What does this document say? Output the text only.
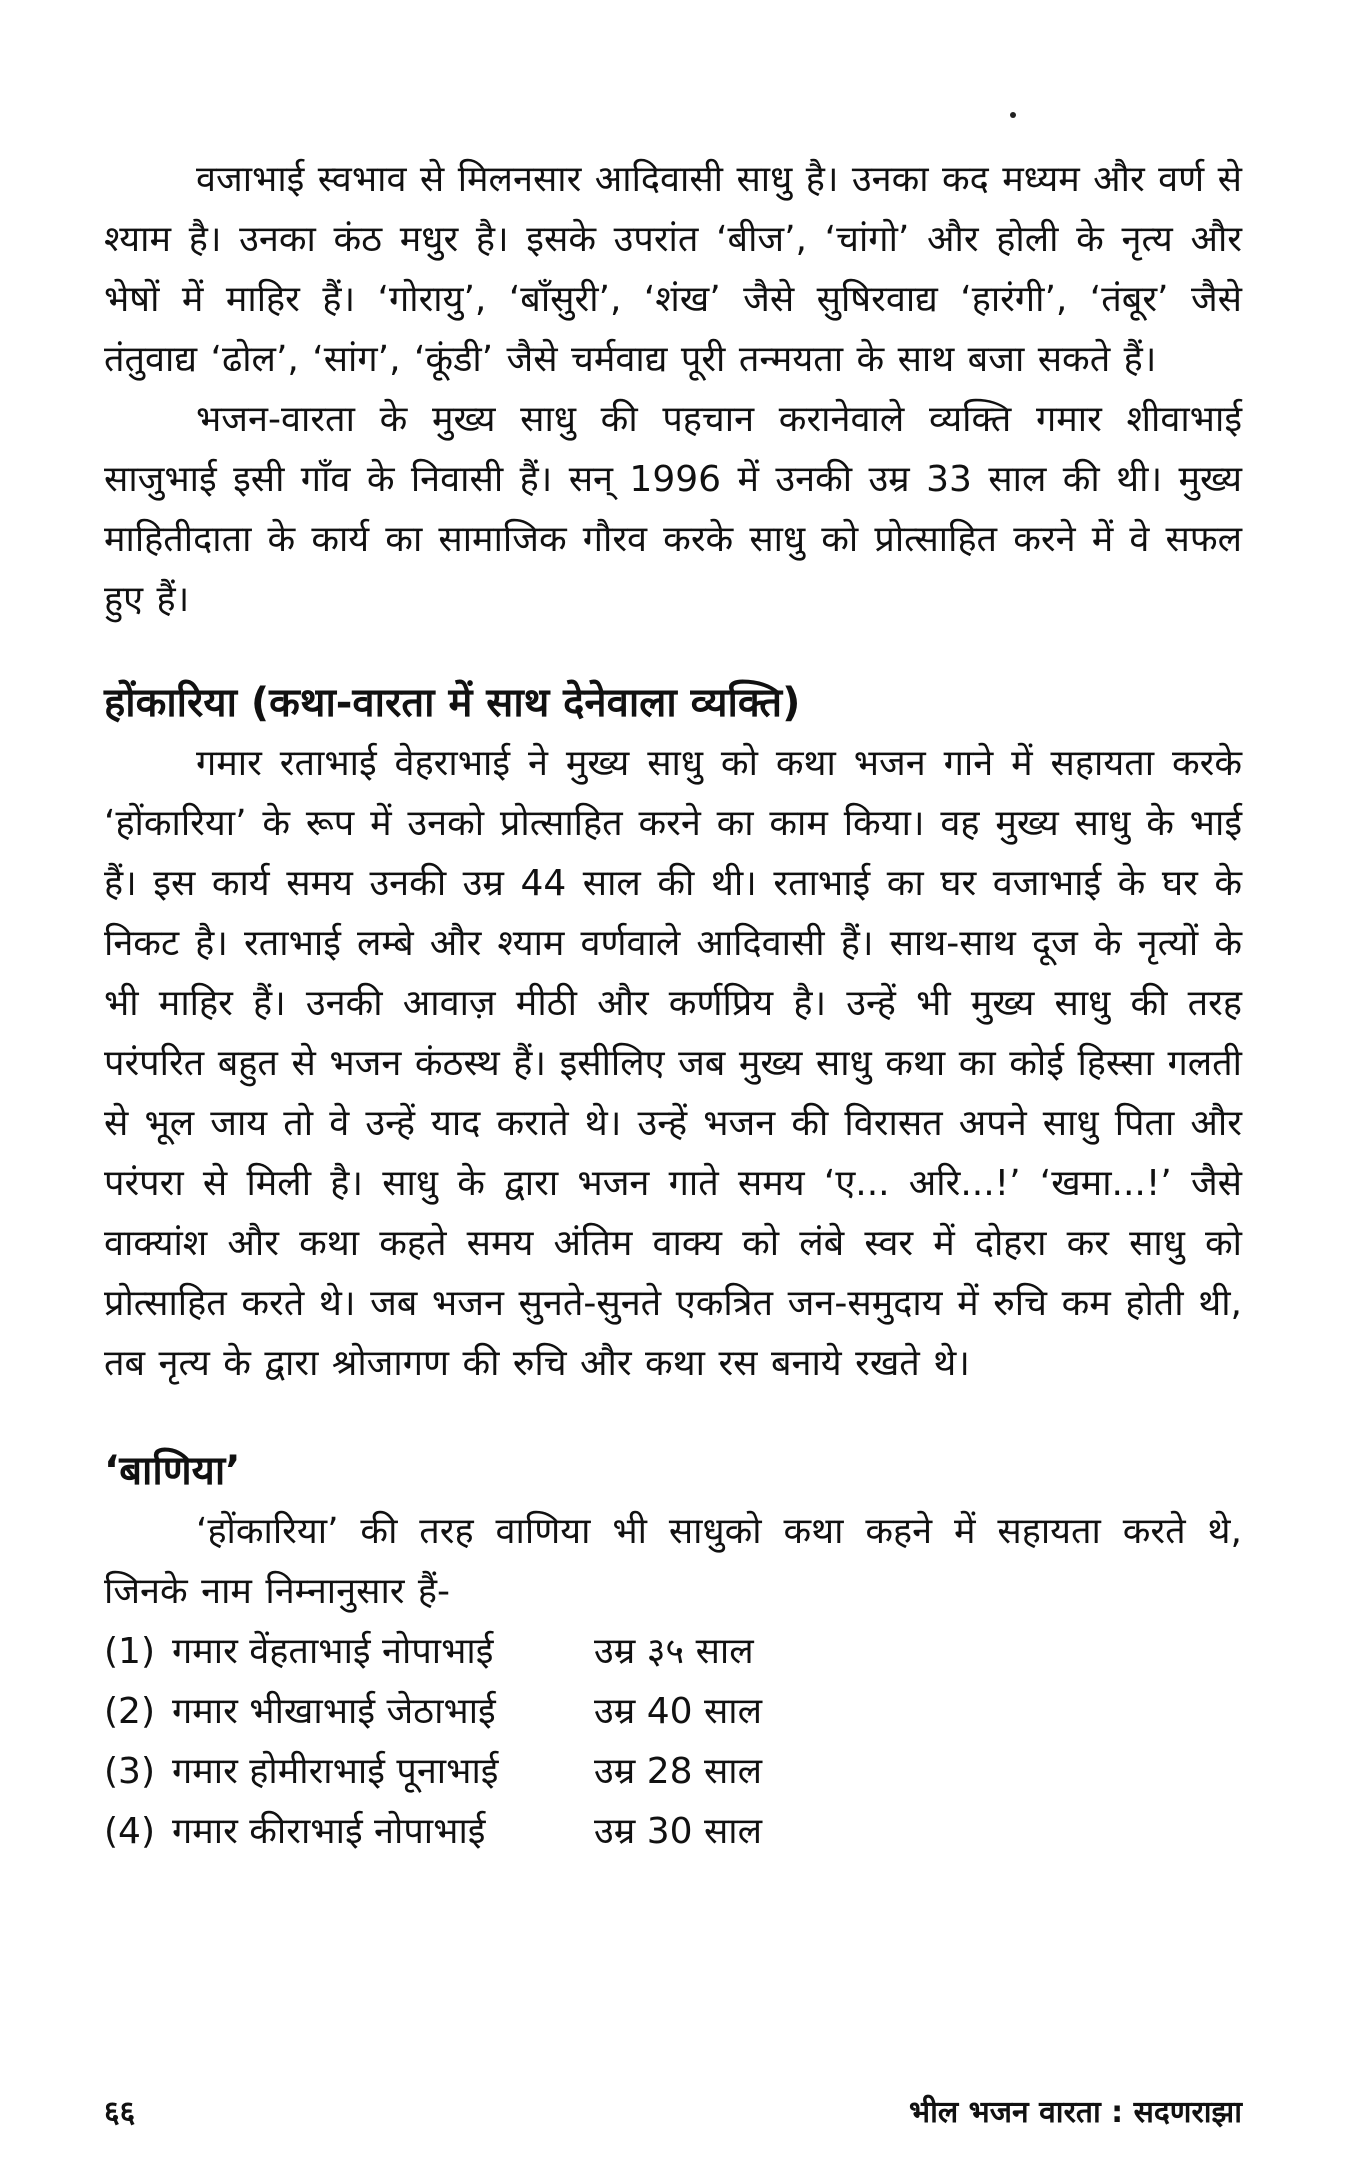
वजाभाई स्वभाव से मिलनसार आदिवासी साधु है। उनका कद मध्यम और वर्ण से श्याम है। उनका कंठ मधुर है। इसके उपरांत ‘बीज’, ‘चांगो’ और होली के नृत्य और भेषों में माहिर हैं। ‘गोरायु’, ‘बाँसुरी’, ‘शंख’ जैसे सुषिरवाद्य ‘हारंगी’, ‘तंबूर’ जैसे तंतुवाद्य ‘ढोल’, ‘सांग’, ‘कूंडी’ जैसे चर्मवाद्य पूरी तन्मयता के साथ बजा सकते हैं।

भजन-वारता के मुख्य साधु की पहचान करानेवाले व्यक्ति गमार शीवाभाई साजुभाई इसी गाँव के निवासी हैं। सन् 1996 में उनकी उम्र 33 साल की थी। मुख्य माहितीदाता के कार्य का सामाजिक गौरव करके साधु को प्रोत्साहित करने में वे सफल हुए हैं।

होंकारिया (कथा-वारता में साथ देनेवाला व्यक्ति)

गमार रताभाई वेहराभाई ने मुख्य साधु को कथा भजन गाने में सहायता करके ‘होंकारिया’ के रूप में उनको प्रोत्साहित करने का काम किया। वह मुख्य साधु के भाई हैं। इस कार्य समय उनकी उम्र 44 साल की थी। रताभाई का घर वजाभाई के घर के निकट है। रताभाई लम्बे और श्याम वर्णवाले आदिवासी हैं। साथ-साथ दूज के नृत्यों के भी माहिर हैं। उनकी आवाज़ मीठी और कर्णप्रिय है। उन्हें भी मुख्य साधु की तरह परंपरित बहुत से भजन कंठस्थ हैं। इसीलिए जब मुख्य साधु कथा का कोई हिस्सा गलती से भूल जाय तो वे उन्हें याद कराते थे। उन्हें भजन की विरासत अपने साधु पिता और परंपरा से मिली है। साधु के द्वारा भजन गाते समय ‘ए... अरि...!’ ‘खमा...!’ जैसे वाक्यांश और कथा कहते समय अंतिम वाक्य को लंबे स्वर में दोहरा कर साधु को प्रोत्साहित करते थे। जब भजन सुनते-सुनते एकत्रित जन-समुदाय में रुचि कम होती थी, तब नृत्य के द्वारा श्रोजागण की रुचि और कथा रस बनाये रखते थे।

‘बाणिया’

‘होंकारिया’ की तरह वाणिया भी साधुको कथा कहने में सहायता करते थे, जिनके नाम निम्नानुसार हैं-

(1) गमार वेंहताभाई नोपाभाई	उम्र ३५ साल
(2) गमार भीखाभाई जेठाभाई	उम्र 40 साल
(3) गमार होमीराभाई पूनाभाई	उम्र 28 साल
(4) गमार कीराभाई नोपाभाई	उम्र 30 साल
६६	भील भजन वारता : सदणराझा
